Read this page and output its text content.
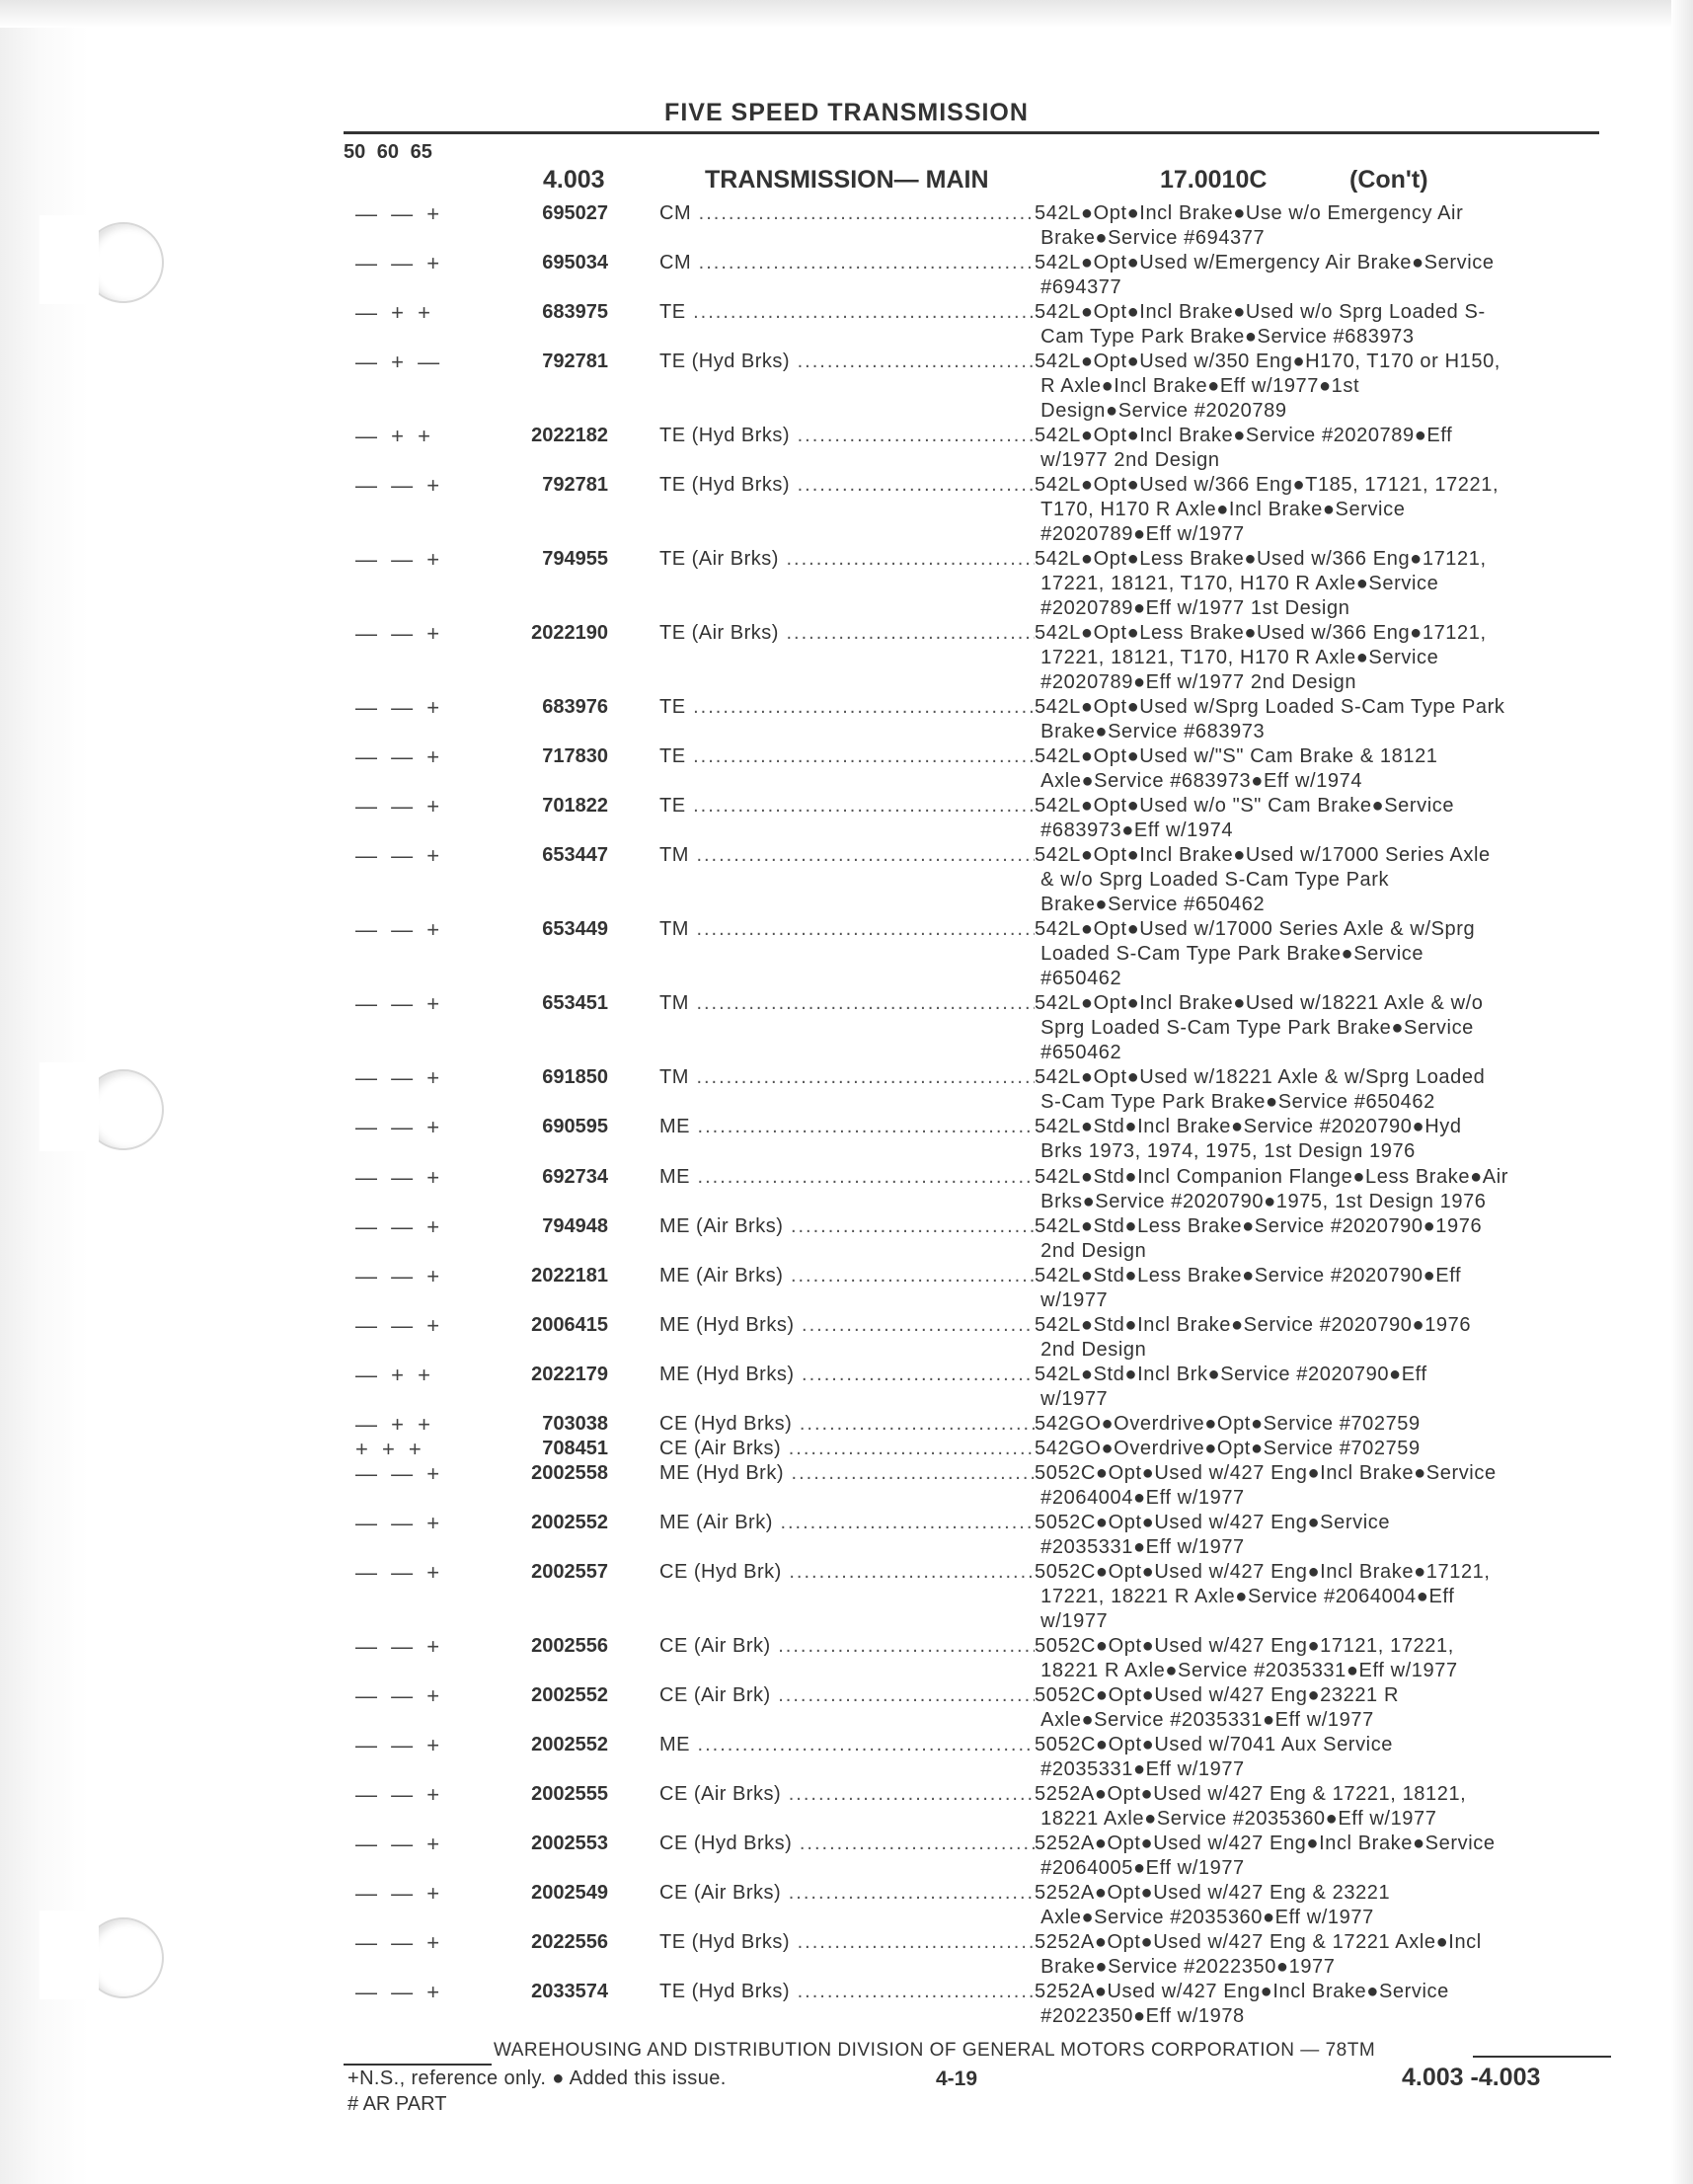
FIVE SPEED TRANSMISSION
50 60 65
4.003	TRANSMISSION— MAIN	17.0010C	(Con't)
— — +	695027	CM .....	542L●Opt●Incl Brake●Use w/o Emergency Air
Brake●Service #694377
— — +	695034	CM .....	542L●Opt●Used w/Emergency Air Brake●Service
#694377
— + +	683975	TE .....	542L●Opt●Incl Brake●Used w/o Sprg Loaded S-
Cam Type Park Brake●Service #683973
— + —	792781	TE (Hyd Brks) .....	542L●Opt●Used w/350 Eng●H170, T170 or H150,
R Axle●Incl Brake●Eff w/1977●1st
Design●Service #2020789
— + +	2022182	TE (Hyd Brks) .....	542L●Opt●Incl Brake●Service #2020789●Eff
w/1977 2nd Design
— — +	792781	TE (Hyd Brks) .....	542L●Opt●Used w/366 Eng●T185, 17121, 17221,
T170, H170 R Axle●Incl Brake●Service
#2020789●Eff w/1977
— — +	794955	TE (Air Brks) .....	542L●Opt●Less Brake●Used w/366 Eng●17121,
17221, 18121, T170, H170 R Axle●Service
#2020789●Eff w/1977 1st Design
— — +	2022190	TE (Air Brks) .....	542L●Opt●Less Brake●Used w/366 Eng●17121,
17221, 18121, T170, H170 R Axle●Service
#2020789●Eff w/1977 2nd Design
— — +	683976	TE .....	542L●Opt●Used w/Sprg Loaded S-Cam Type Park
Brake●Service #683973
— — +	717830	TE .....	542L●Opt●Used w/"S" Cam Brake & 18121
Axle●Service #683973●Eff w/1974
— — +	701822	TE .....	542L●Opt●Used w/o "S" Cam Brake●Service
#683973●Eff w/1974
— — +	653447	TM .....	542L●Opt●Incl Brake●Used w/17000 Series Axle
& w/o Sprg Loaded S-Cam Type Park
Brake●Service #650462
— — +	653449	TM .....	542L●Opt●Used w/17000 Series Axle & w/Sprg
Loaded S-Cam Type Park Brake●Service
#650462
— — +	653451	TM .....	542L●Opt●Incl Brake●Used w/18221 Axle & w/o
Sprg Loaded S-Cam Type Park Brake●Service
#650462
— — +	691850	TM .....	542L●Opt●Used w/18221 Axle & w/Sprg Loaded
S-Cam Type Park Brake●Service #650462
— — +	690595	ME .....	542L●Std●Incl Brake●Service #2020790●Hyd
Brks 1973, 1974, 1975, 1st Design 1976
— — +	692734	ME .....	542L●Std●Incl Companion Flange●Less Brake●Air
Brks●Service #2020790●1975, 1st Design 1976
— — +	794948	ME (Air Brks) .....	542L●Std●Less Brake●Service #2020790●1976
2nd Design
— — +	2022181	ME (Air Brks) .....	542L●Std●Less Brake●Service #2020790●Eff
w/1977
— — +	2006415	ME (Hyd Brks) .....	542L●Std●Incl Brake●Service #2020790●1976
2nd Design
— + +	2022179	ME (Hyd Brks) .....	542L●Std●Incl Brk●Service #2020790●Eff
w/1977
— + +	703038	CE (Hyd Brks) .....	542GO●Overdrive●Opt●Service #702759
+ + +	708451	CE (Air Brks) .....	542GO●Overdrive●Opt●Service #702759
— — +	2002558	ME (Hyd Brk) .....	5052C●Opt●Used w/427 Eng●Incl Brake●Service
#2064004●Eff w/1977
— — +	2002552	ME (Air Brk) .....	5052C●Opt●Used w/427 Eng●Service
#2035331●Eff w/1977
— — +	2002557	CE (Hyd Brk) .....	5052C●Opt●Used w/427 Eng●Incl Brake●17121,
17221, 18221 R Axle●Service #2064004●Eff
w/1977
— — +	2002556	CE (Air Brk) .....	5052C●Opt●Used w/427 Eng●17121, 17221,
18221 R Axle●Service #2035331●Eff w/1977
— — +	2002552	CE (Air Brk) .....	5052C●Opt●Used w/427 Eng●23221 R
Axle●Service #2035331●Eff w/1977
— — +	2002552	ME .....	5052C●Opt●Used w/7041 Aux Service
#2035331●Eff w/1977
— — +	2002555	CE (Air Brks) .....	5252A●Opt●Used w/427 Eng & 17221, 18121,
18221 Axle●Service #2035360●Eff w/1977
— — +	2002553	CE (Hyd Brks) .....	5252A●Opt●Used w/427 Eng●Incl Brake●Service
#2064005●Eff w/1977
— — +	2002549	CE (Air Brks) .....	5252A●Opt●Used w/427 Eng & 23221
Axle●Service #2035360●Eff w/1977
— — +	2022556	TE (Hyd Brks) .....	5252A●Opt●Used w/427 Eng & 17221 Axle●Incl
Brake●Service #2022350●1977
— — +	2033574	TE (Hyd Brks) .....	5252A●Used w/427 Eng●Incl Brake●Service
#2022350●Eff w/1978
WAREHOUSING AND DISTRIBUTION DIVISION OF GENERAL MOTORS CORPORATION — 78TM
+N.S., reference only. ● Added this issue.	4-19	4.003 -4.003
# AR PART
